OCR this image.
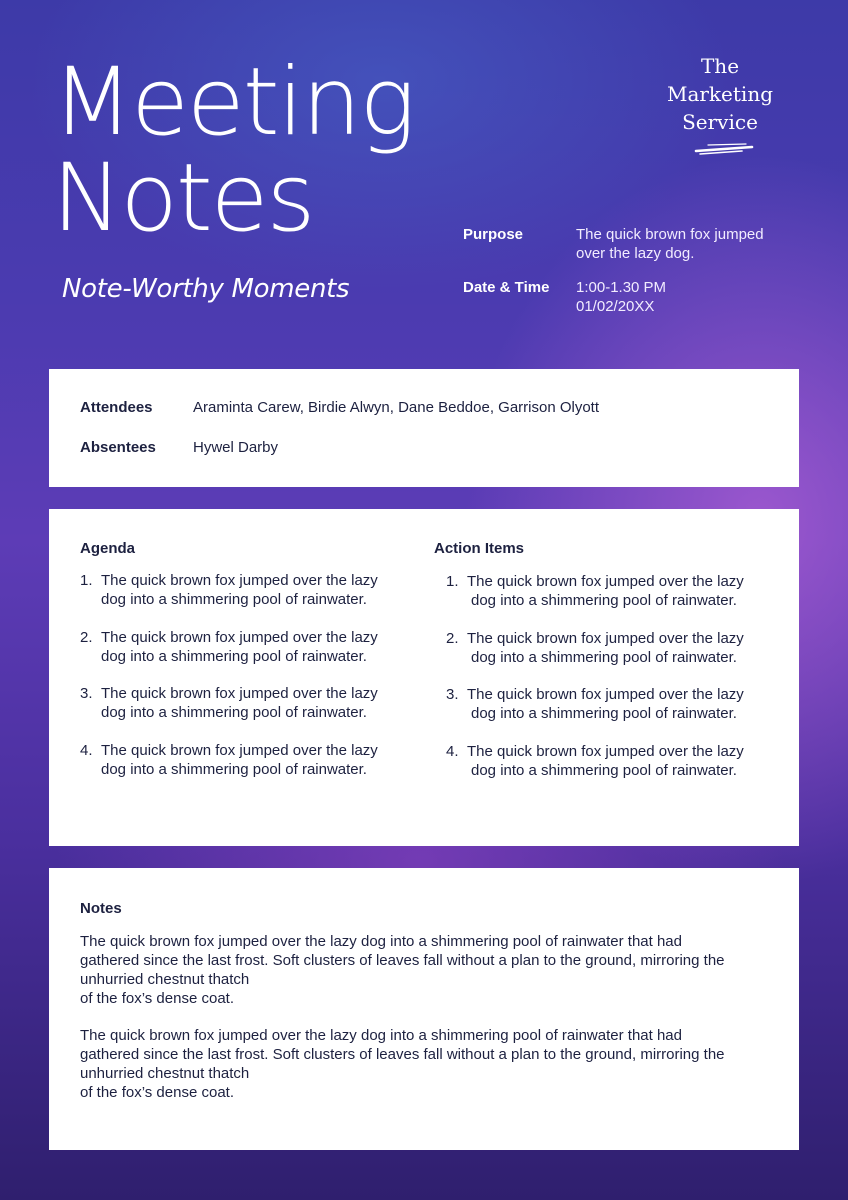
Meeting
Notes
Note-Worthy Moments
The
Marketing
Service
Purpose	The quick brown fox jumped
over the lazy dog.
Date & Time 1:00-1.30 PM
01/02/20XX
Attendees	Araminta Carew, Birdie Alwyn, Dane Beddoe, Garrison Olyott
Absentees Hywel Darby
Agenda
1. The quick brown fox jumped over the lazy
dog into a shimmering pool of rainwater.
2. The quick brown fox jumped over the lazy
dog into a shimmering pool of rainwater.
3. The quick brown fox jumped over the lazy
dog into a shimmering pool of rainwater.
4. The quick brown fox jumped over the lazy
dog into a shimmering pool of rainwater.
Action Items
1. The quick brown fox jumped over the lazy
dog into a shimmering pool of rainwater.
2. The quick brown fox jumped over the lazy
dog into a shimmering pool of rainwater.
3. The quick brown fox jumped over the lazy
dog into a shimmering pool of rainwater.
4. The quick brown fox jumped over the lazy
dog into a shimmering pool of rainwater.
Notes
The quick brown fox jumped over the lazy dog into a shimmering pool of rainwater that had
gathered since the last frost. Soft clusters of leaves fall without a plan to the ground, mirroring the
unhurried chestnut thatch
of the fox’s dense coat.
The quick brown fox jumped over the lazy dog into a shimmering pool of rainwater that had
gathered since the last frost. Soft clusters of leaves fall without a plan to the ground, mirroring the
unhurried chestnut thatch
of the fox’s dense coat.
